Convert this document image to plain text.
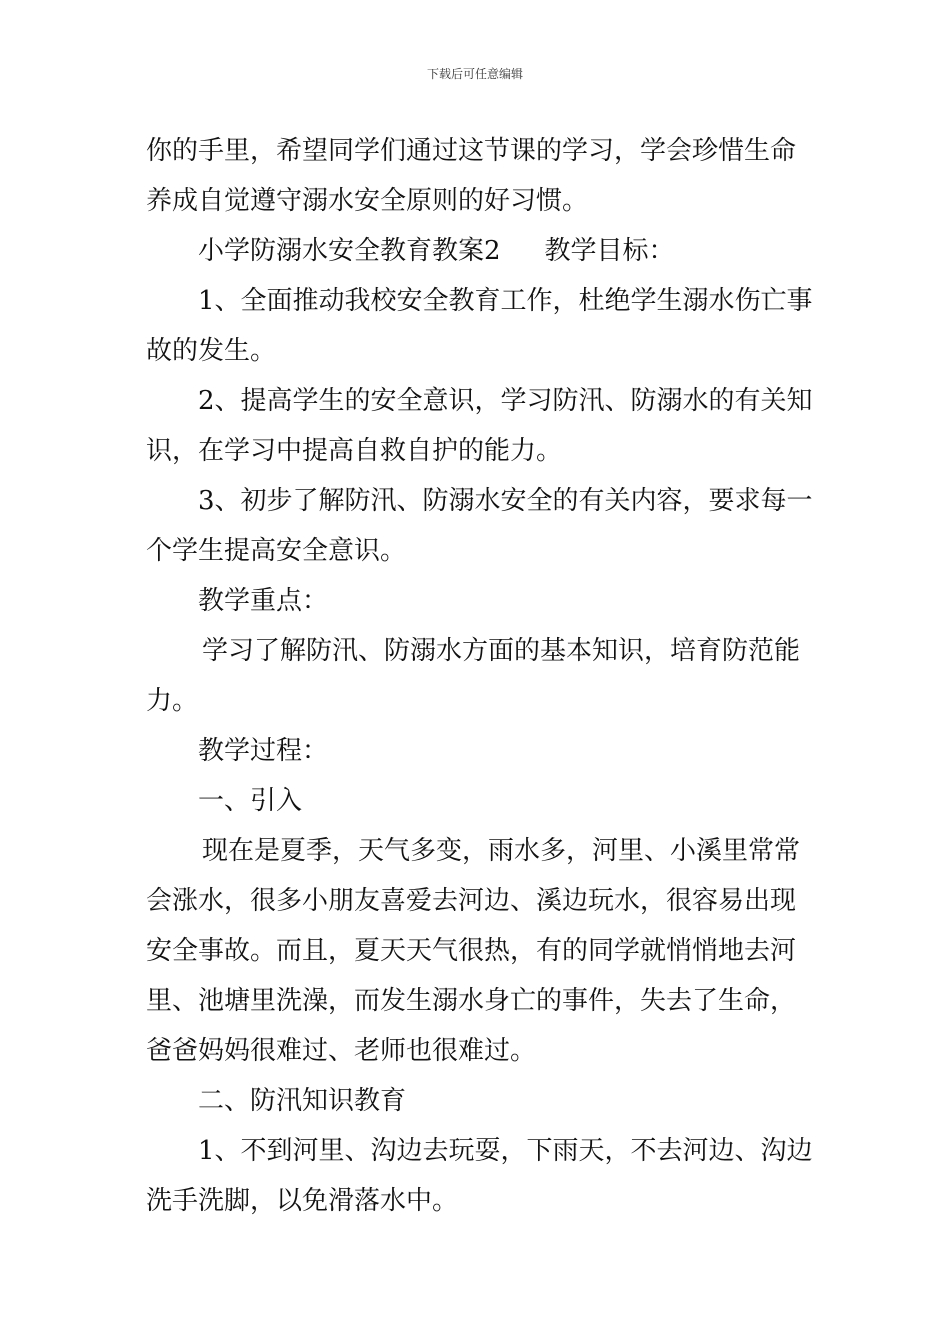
下载后可任意编辑
你的手里，希望同学们通过这节课的学习，学会珍惜生命
养成自觉遵守溺水安全原则的好习惯。
小学防溺水安全教育教案2 教学目标：
1、全面推动我校安全教育工作，杜绝学生溺水伤亡事
故的发生。
2、提高学生的安全意识，学习防汛、防溺水的有关知
识，在学习中提高自救自护的能力。
3、初步了解防汛、防溺水安全的有关内容，要求每一
个学生提高安全意识。
教学重点：
学习了解防汛、防溺水方面的基本知识，培育防范能
力。
教学过程：
一、引入
现在是夏季，天气多变，雨水多，河里、小溪里常常
会涨水，很多小朋友喜爱去河边、溪边玩水，很容易出现
安全事故。而且，夏天天气很热，有的同学就悄悄地去河
里、池塘里洗澡，而发生溺水身亡的事件，失去了生命，
爸爸妈妈很难过、老师也很难过。
二、防汛知识教育
1、不到河里、沟边去玩耍，下雨天，不去河边、沟边
洗手洗脚，以免滑落水中。
